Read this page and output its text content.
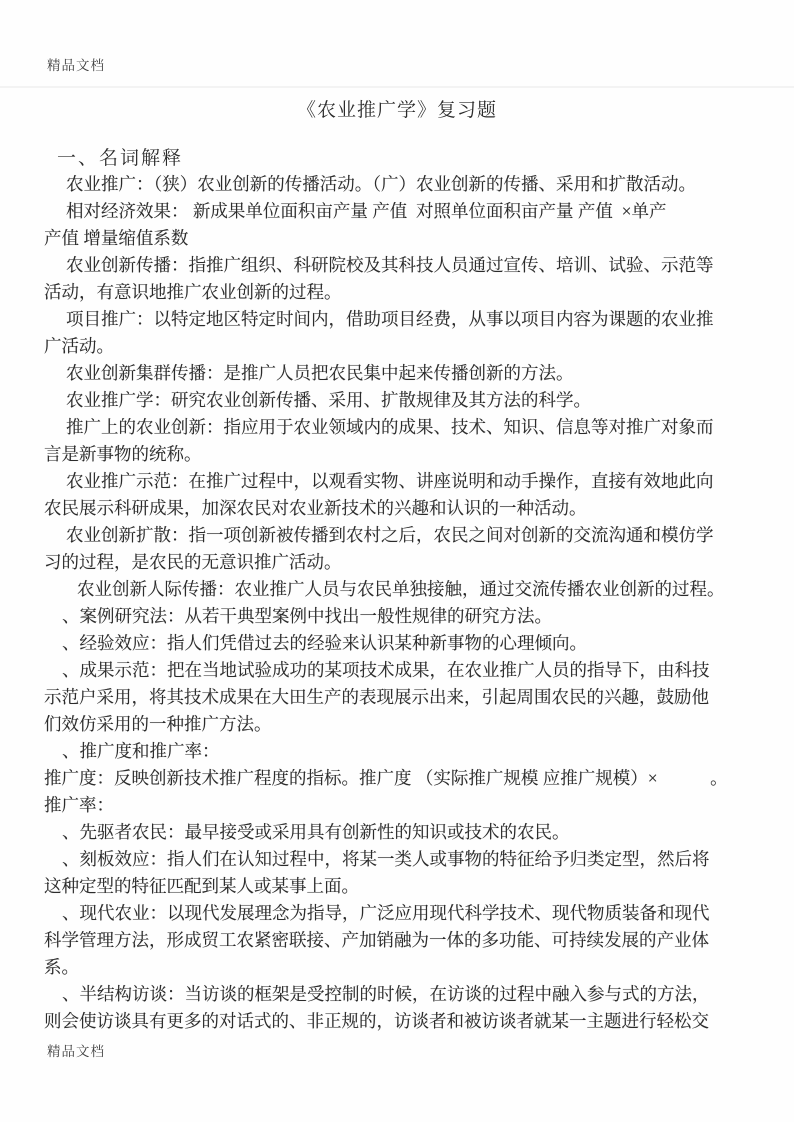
精品文档
《农业推广学》复习题
一、名词解释
农业推广：（狭）农业创新的传播活动。（广）农业创新的传播、采用和扩散活动。
相对经济效果： 新成果单位面积亩产量 产值  对照单位面积亩产量 产值  ×单产
产值 增量缩值系数
农业创新传播：指推广组织、科研院校及其科技人员通过宣传、培训、试验、示范等
活动，有意识地推广农业创新的过程。
项目推广：以特定地区特定时间内，借助项目经费，从事以项目内容为课题的农业推
广活动。
农业创新集群传播：是推广人员把农民集中起来传播创新的方法。
农业推广学：研究农业创新传播、采用、扩散规律及其方法的科学。
推广上的农业创新：指应用于农业领域内的成果、技术、知识、信息等对推广对象而
言是新事物的统称。
农业推广示范：在推广过程中，以观看实物、讲座说明和动手操作，直接有效地此向
农民展示科研成果，加深农民对农业新技术的兴趣和认识的一种活动。
农业创新扩散：指一项创新被传播到农村之后，农民之间对创新的交流沟通和模仿学
习的过程，是农民的无意识推广活动。
农业创新人际传播：农业推广人员与农民单独接触，通过交流传播农业创新的过程。
、案例研究法：从若干典型案例中找出一般性规律的研究方法。
、经验效应：指人们凭借过去的经验来认识某种新事物的心理倾向。
、成果示范：把在当地试验成功的某项技术成果，在农业推广人员的指导下，由科技
示范户采用，将其技术成果在大田生产的表现展示出来，引起周围农民的兴趣，鼓励他
们效仿采用的一种推广方法。
、推广度和推广率：
推广度：反映创新技术推广程度的指标。推广度 （实际推广规模 应推广规模）×　　　。
推广率：
、先驱者农民：最早接受或采用具有创新性的知识或技术的农民。
、刻板效应：指人们在认知过程中，将某一类人或事物的特征给予归类定型，然后将
这种定型的特征匹配到某人或某事上面。
、现代农业：以现代发展理念为指导，广泛应用现代科学技术、现代物质装备和现代
科学管理方法，形成贸工农紧密联接、产加销融为一体的多功能、可持续发展的产业体
系。
、半结构访谈：当访谈的框架是受控制的时候，在访谈的过程中融入参与式的方法，
则会使访谈具有更多的对话式的、非正规的，访谈者和被访谈者就某一主题进行轻松交
精品文档
